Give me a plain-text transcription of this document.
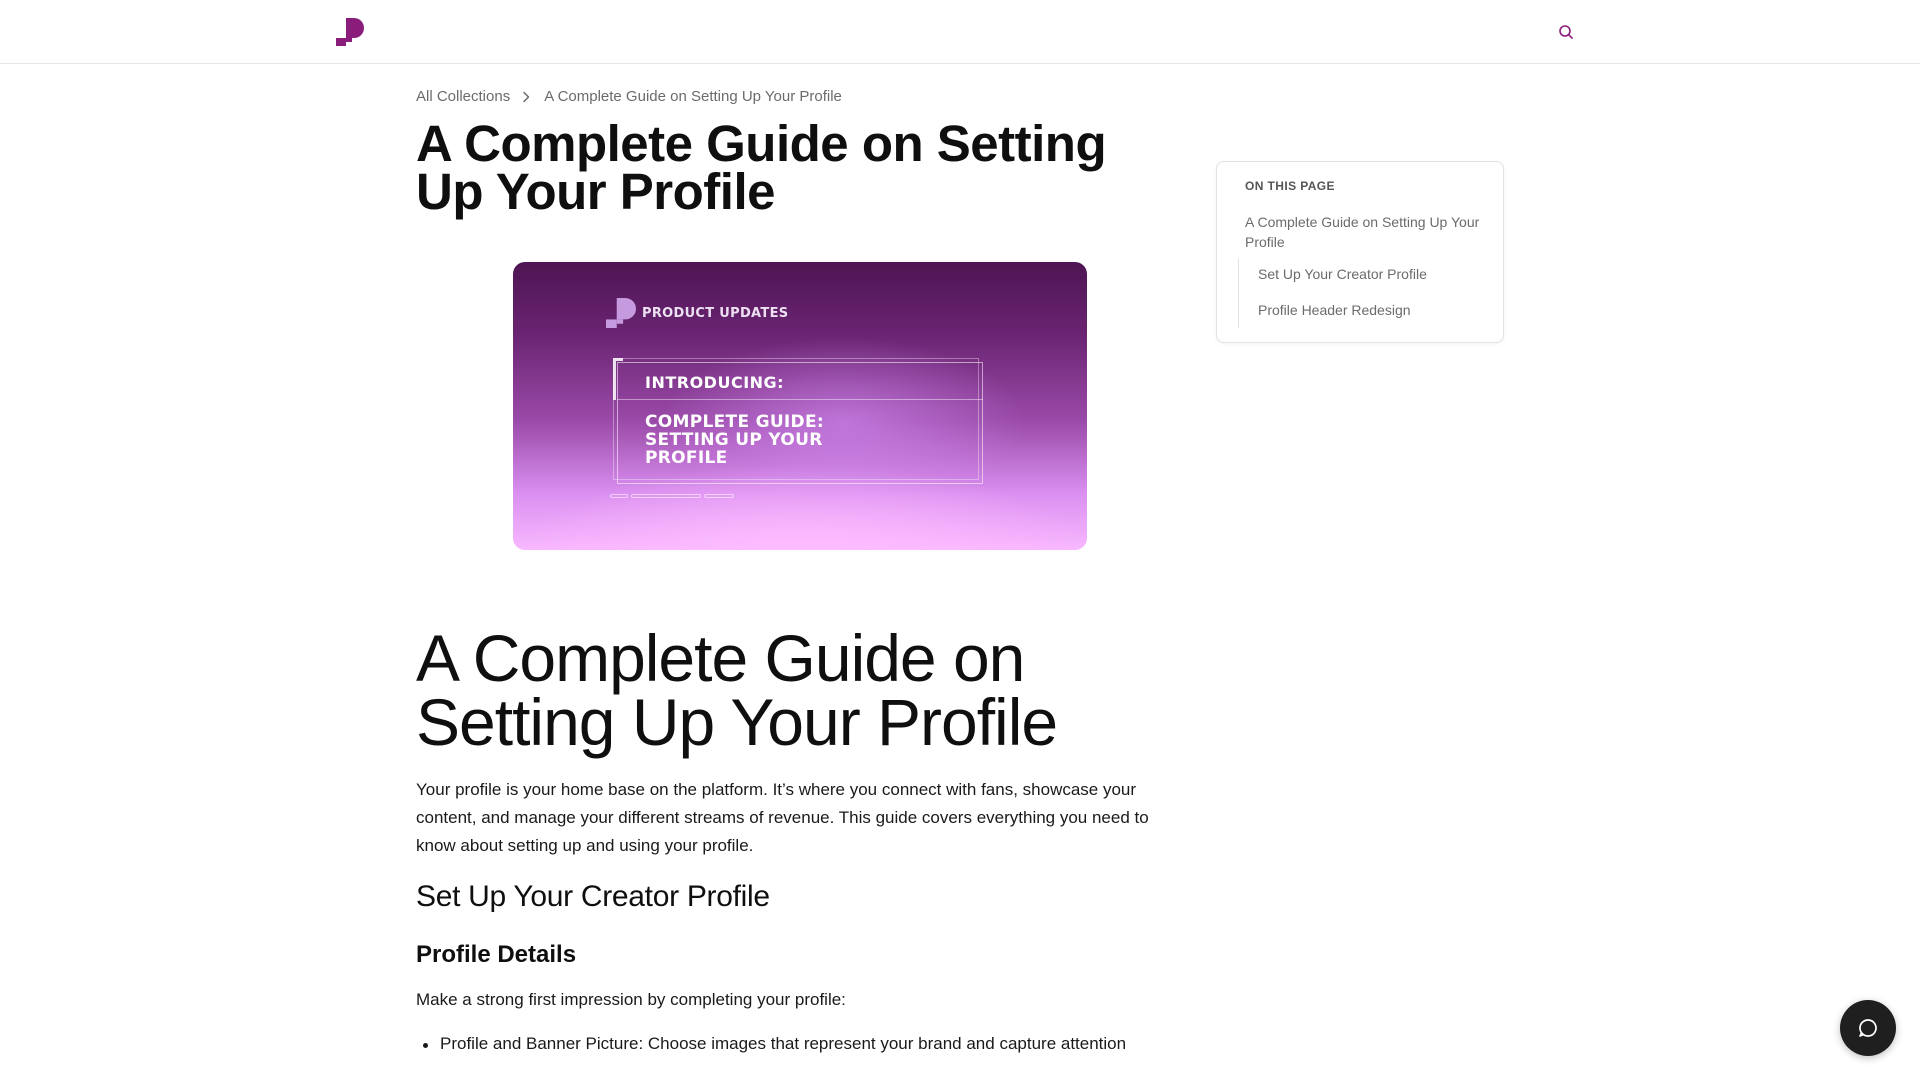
All Collections A Complete Guide on Setting Up Your Profile
A Complete Guide on Setting Up Your Profile
PRODUCT UPDATES
INTRODUCING:
COMPLETE GUIDE: SETTING UP YOUR PROFILE
A Complete Guide on Setting Up Your Profile

Your profile is your home base on the platform. It’s where you connect with fans, showcase your content, and manage your different streams of revenue. This guide covers everything you need to know about setting up and using your profile.

Set Up Your Creator Profile
Profile Details

Make a strong first impression by completing your profile:

Profile and Banner Picture: Choose images that represent your brand and capture attention
ON THIS PAGE
A Complete Guide on Setting Up Your Profile
Set Up Your Creator Profile
Profile Header Redesign
